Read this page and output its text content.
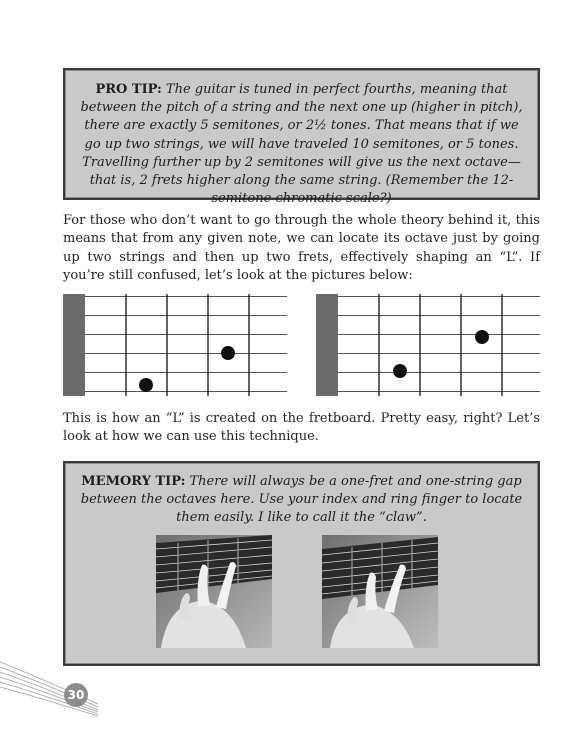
PRO TIP: The guitar is tuned in perfect fourths, meaning that between the pitch of a string and the next one up (higher in pitch), there are exactly 5 semitones, or 2½ tones. That means that if we go up two strings, we will have traveled 10 semitones, or 5 tones. Travelling further up by 2 semitones will give us the next octave—that is, 2 frets higher along the same string. (Remember the 12-semitone chromatic scale?)

For those who don’t want to go through the whole theory behind it, this means that from any given note, we can locate its octave just by going up two strings and then up two frets, effectively shaping an “L”. If you’re still confused, let’s look at the pictures below:

This is how an “L” is created on the fretboard. Pretty easy, right? Let’s look at how we can use this technique.

MEMORY TIP: There will always be a one-fret and one-string gap between the octaves here. Use your index and ring finger to locate them easily. I like to call it the “claw”.
30
